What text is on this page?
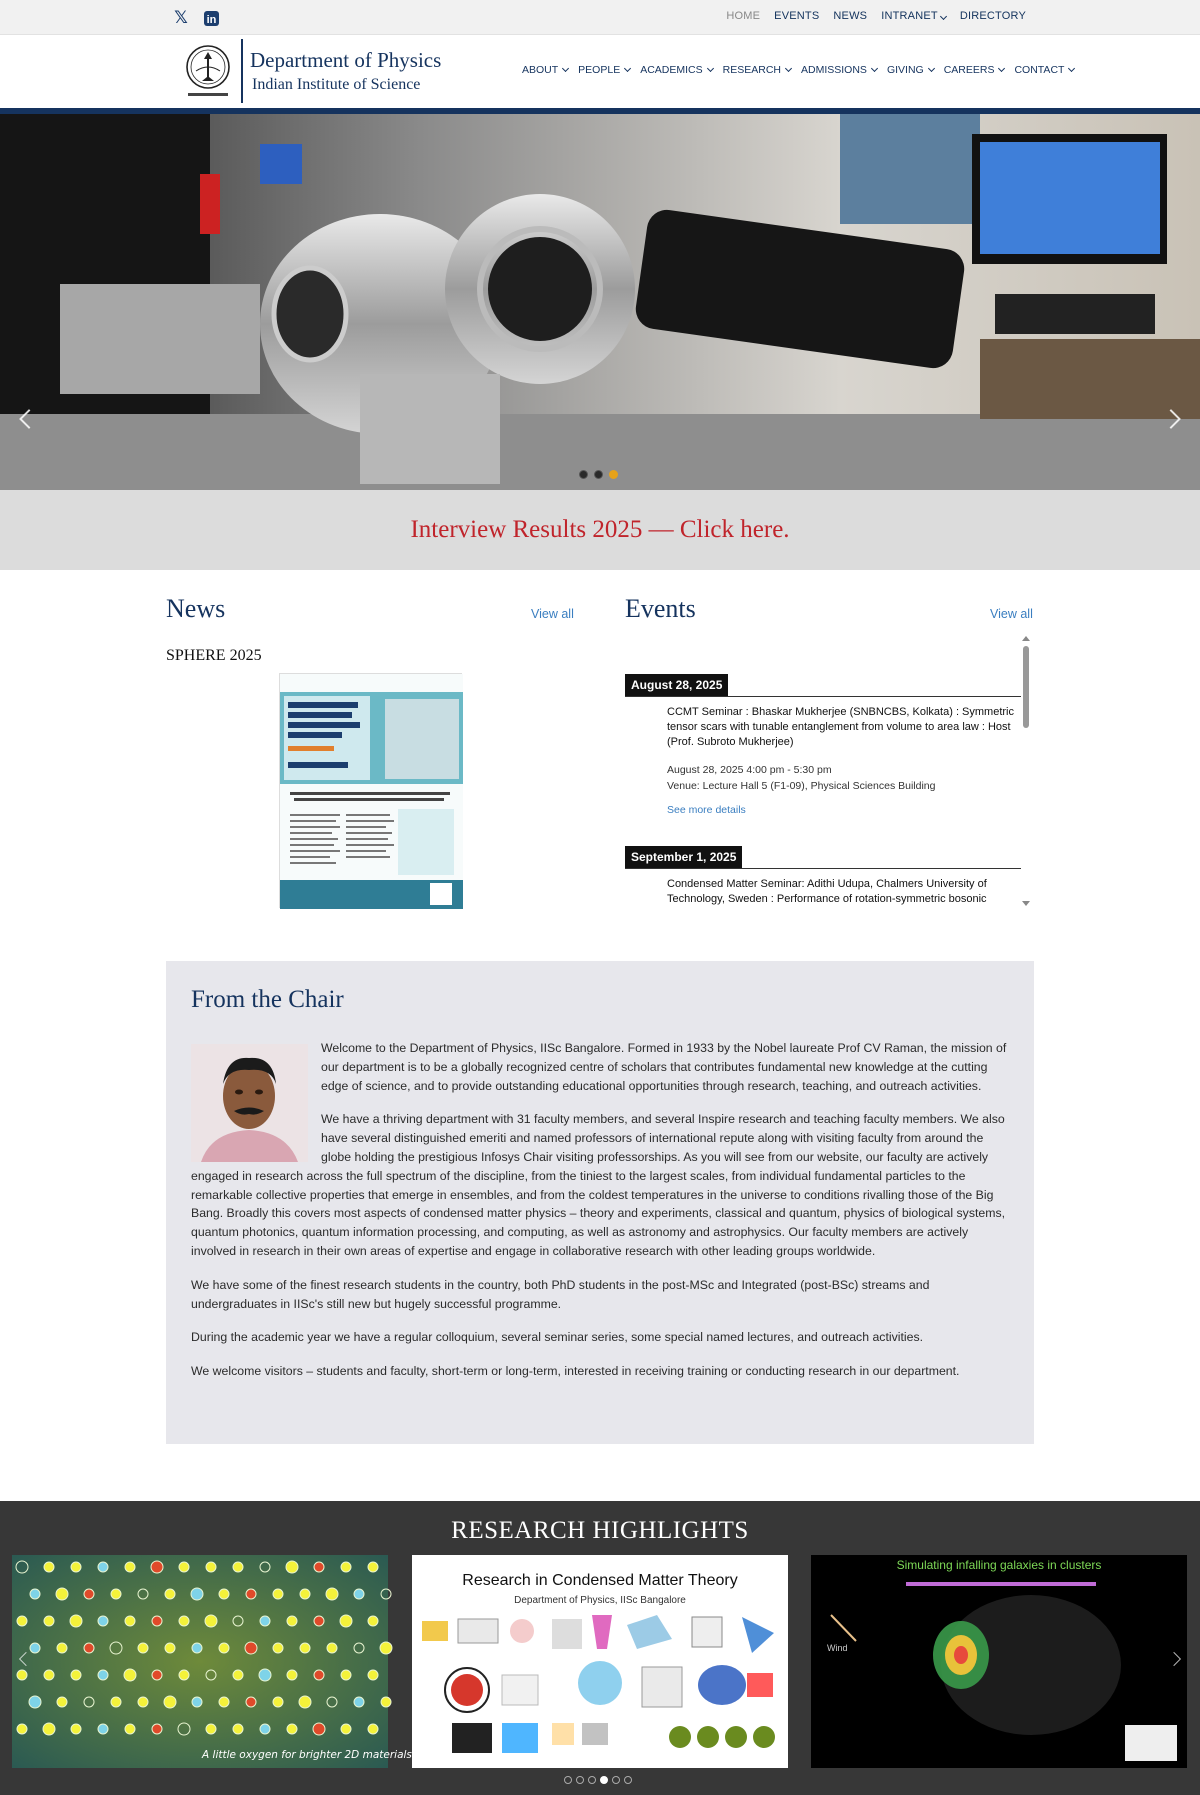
𝕏 in	HOME EVENTS NEWS INTRANET	DIRECTORY
Department of Physics
Indian Institute of Science
ABOUT PEOPLE ACADEMICS RESEARCH ADMISSIONS GIVING CAREERS CONTACT
Interview Results 2025 — Click here.
News	View all
SPHERE 2025
Events	View all
August 28, 2025
CCMT Seminar : Bhaskar Mukherjee (SNBNCBS, Kolkata) : Symmetric tensor scars with tunable entanglement from volume to area law : Host (Prof. Subroto Mukherjee)
August 28, 2025 4:00 pm - 5:30 pm
Venue: Lecture Hall 5 (F1-09), Physical Sciences Building
See more details
September 1, 2025
Condensed Matter Seminar: Adithi Udupa, Chalmers University of Technology, Sweden : Performance of rotation-symmetric bosonic
From the Chair

Welcome to the Department of Physics, IISc Bangalore. Formed in 1933 by the Nobel laureate Prof CV Raman, the mission of our department is to be a globally recognized centre of scholars that contributes fundamental new knowledge at the cutting edge of science, and to provide outstanding educational opportunities through research, teaching, and outreach activities.

We have a thriving department with 31 faculty members, and several Inspire research and teaching faculty members. We also have several distinguished emeriti and named professors of international repute along with visiting faculty from around the globe holding the prestigious Infosys Chair visiting professorships. As you will see from our website, our faculty are actively engaged in research across the full spectrum of the discipline, from the tiniest to the largest scales, from individual fundamental particles to the remarkable collective properties that emerge in ensembles, and from the coldest temperatures in the universe to conditions rivalling those of the Big Bang. Broadly this covers most aspects of condensed matter physics – theory and experiments, classical and quantum, physics of biological systems, quantum photonics, quantum information processing, and computing, as well as astronomy and astrophysics. Our faculty members are actively involved in research in their own areas of expertise and engage in collaborative research with other leading groups worldwide.

We have some of the finest research students in the country, both PhD students in the post-MSc and Integrated (post-BSc) streams and undergraduates in IISc's still new but hugely successful programme.

During the academic year we have a regular colloquium, several seminar series, some special named lectures, and outreach activities.

We welcome visitors – students and faculty, short-term or long-term, interested in receiving training or conducting research in our department.

RESEARCH HIGHLIGHTS
A little oxygen for brighter 2D materials
Research in Condensed Matter Theory
Department of Physics, IISc Bangalore
Simulating infalling galaxies in clusters
Wind
